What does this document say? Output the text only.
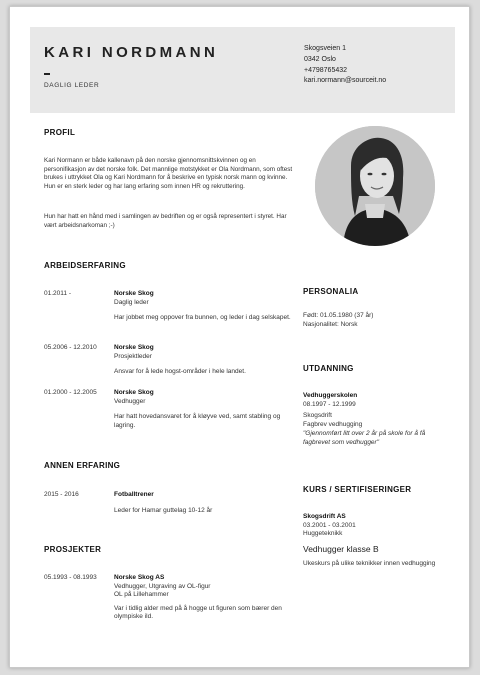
KARI NORDMANN
DAGLIG LEDER
Skogsveien 1
0342 Oslo
+4798765432
kari.normann@sourceit.no
PROFIL
Kari Normann er både kallenavn på den norske gjennomsnittskvinnen og en personifikasjon av det norske folk. Det mannlige motstykket er Ola Nordmann, som oftest brukes i uttrykket Ola og Kari Nordmann for å beskrive en typisk norsk mann og kvinne. Hun er en sterk leder og har lang erfaring som innen HR og rekruttering.
Hun har hatt en hånd med i samlingen av bedriften og er også representert i styret. Har vært arbeidsnarkoman ;-)
ARBEIDSERFARING
01.2011 -	Norske Skog
Daglig leder
Har jobbet meg oppover fra bunnen, og leder i dag selskapet.
05.2006 - 12.2010	Norske Skog
Prosjektleder
Ansvar for å lede hogst-områder i hele landet.
01.2000 - 12.2005	Norske Skog
Vedhugger
Har hatt hovedansvaret for å kløyve ved, samt stabling og lagring.
ANNEN ERFARING
2015 - 2016	Fotballtrener
Leder for Hamar guttelag 10-12 år
PROSJEKTER
05.1993 - 08.1993	Norske Skog AS
Vedhugger, Utgraving av OL-figur
OL på Lillehammer
Var i tidlig alder med på å hogge ut figuren som bærer den olympiske ild.
PERSONALIA
Født: 01.05.1980 (37 år)
Nasjonalitet: Norsk
UTDANNING
Vedhuggerskolen
08.1997 - 12.1999
Skogsdrift
Fagbrev vedhugging
"Gjennomført litt over 2 år på skole for å få fagbrevet som vedhugger"
KURS / SERTIFISERINGER
Skogsdrift AS
03.2001 - 03.2001
Huggeteknikk
Vedhugger klasse B
Ukeskurs på ulike teknikker innen vedhugging
